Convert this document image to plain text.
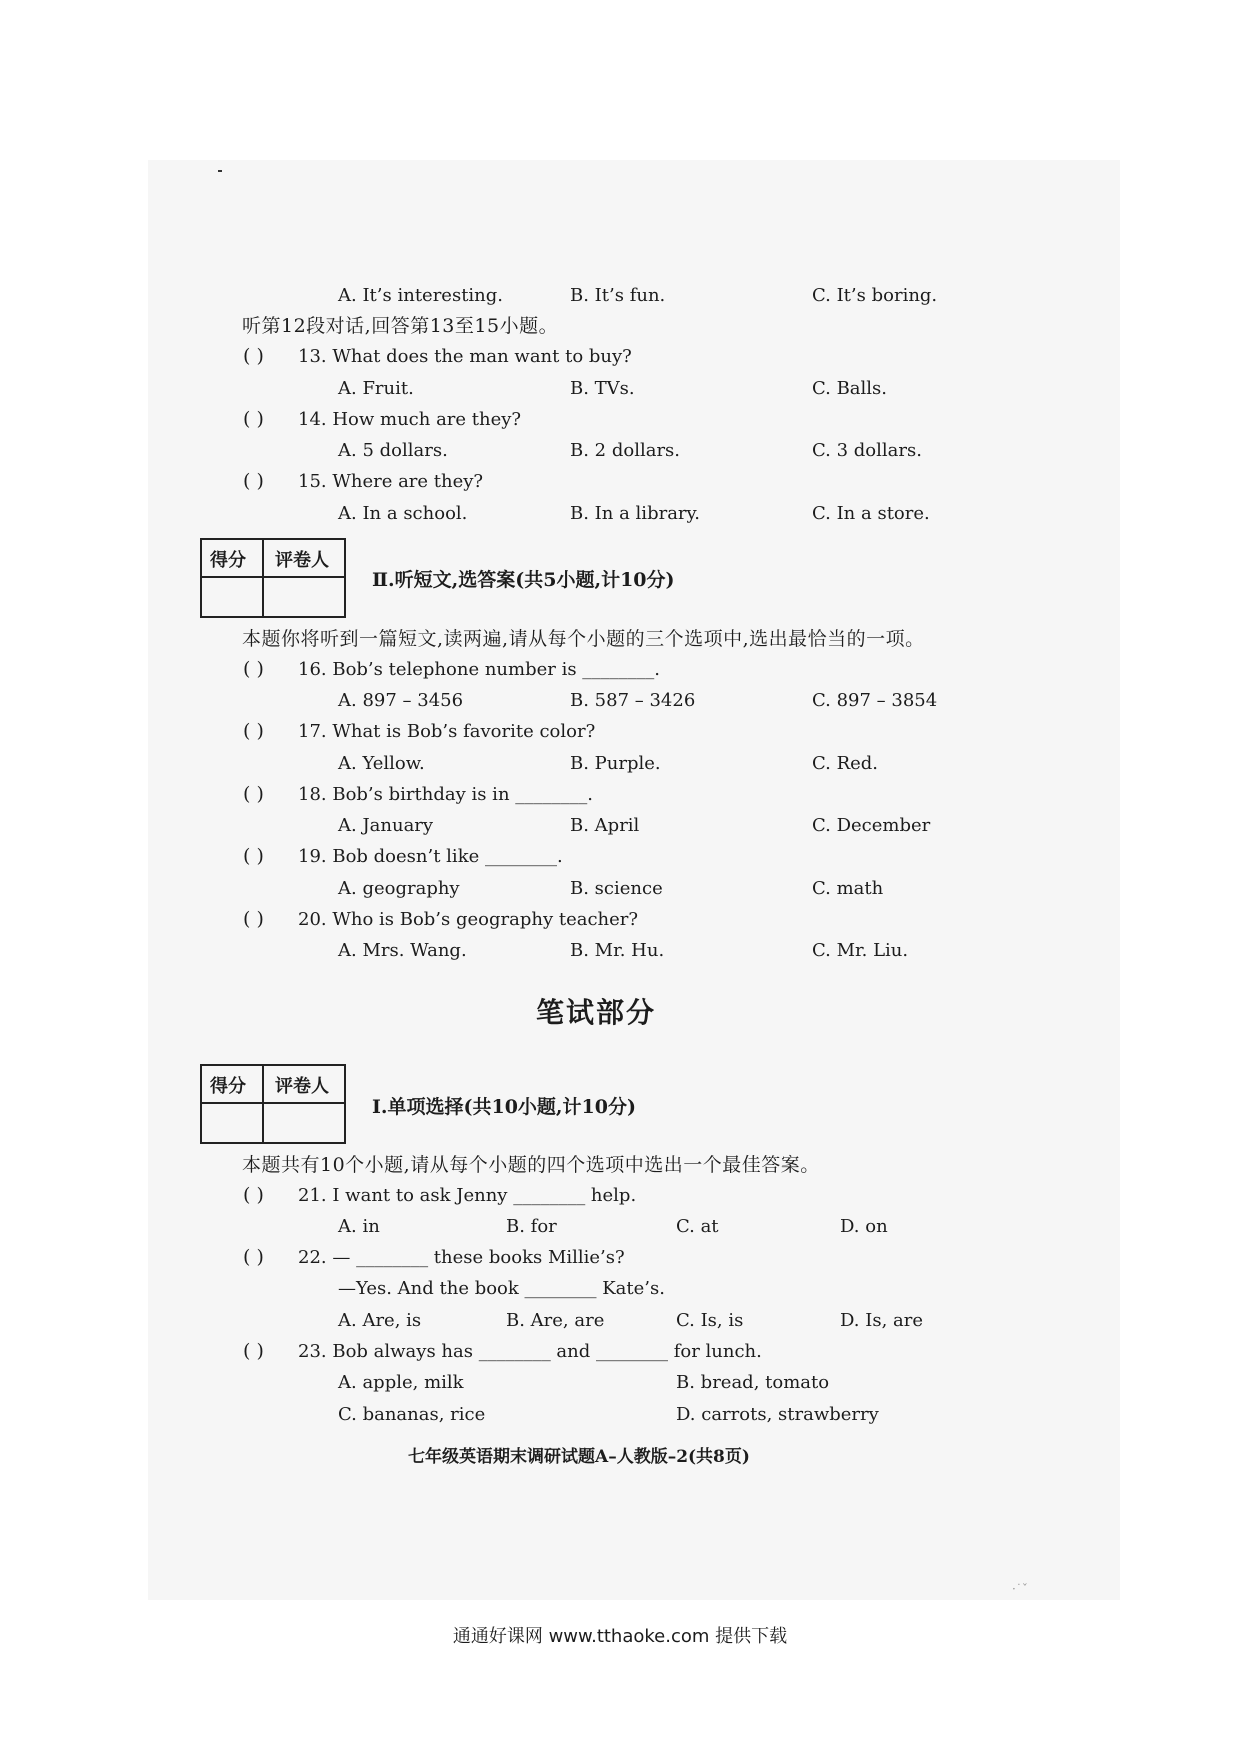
A. It’s interesting.	B. It’s fun.	C. It’s boring.
听第12段对话,回答第13至15小题。
( ) 13. What does the man want to buy?
A. Fruit.	B. TVs.	C. Balls.
( ) 14. How much are they?
A. 5 dollars.	B. 2 dollars.	C. 3 dollars.
( ) 15. Where are they?
A. In a school.	B. In a library.	C. In a store.
得分 评卷人
Ⅱ.听短文,选答案(共5小题,计10分)
本题你将听到一篇短文,读两遍,请从每个小题的三个选项中,选出最恰当的一项。
( ) 16. Bob’s telephone number is ________.
A. 897 – 3456	B. 587 – 3426	C. 897 – 3854
( ) 17. What is Bob’s favorite color?
A. Yellow.	B. Purple.	C. Red.
( ) 18. Bob’s birthday is in ________.
A. January	B. April	C. December
( ) 19. Bob doesn’t like ________.
A. geography	B. science	C. math
( ) 20. Who is Bob’s geography teacher?
A. Mrs. Wang.	B. Mr. Hu.	C. Mr. Liu.
笔试部分
得分 评卷人
Ⅰ.单项选择(共10小题,计10分)
本题共有10个小题,请从每个小题的四个选项中选出一个最佳答案。
( ) 21. I want to ask Jenny ________ help.
A. in	B. for	C. at	D. on
( ) 22. — ________ these books Millie’s?
—Yes. And the book ________ Kate’s.
A. Are, is	B. Are, are	C. Is, is	D. Is, are
( ) 23. Bob always has ________ and ________ for lunch.
A. apple, milk	B. bread, tomato
C. bananas, rice	D. carrots, strawberry
七年级英语期末调研试题A–人教版–2(共8页)
·˙ˇ
通通好课网 www.tthaoke.com 提供下载
